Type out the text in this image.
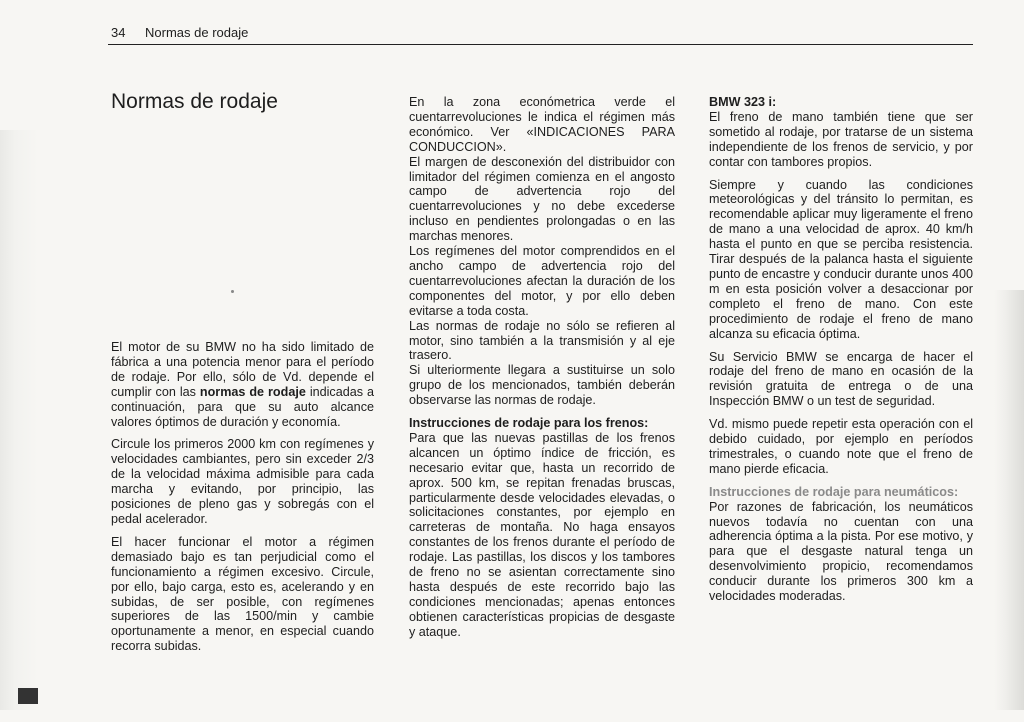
34 Normas de rodaje
Normas de rodaje

El motor de su BMW no ha sido limitado de fábrica a una potencia menor para el período de rodaje. Por ello, sólo de Vd. depende el cumplir con las normas de rodaje indicadas a continuación, para que su auto alcance valores óptimos de duración y economía.

Circule los primeros 2000 km con regímenes y velocidades cambiantes, pero sin exceder 2/3 de la velocidad máxima admisible para cada marcha y evitando, por principio, las posiciones de pleno gas y sobregás con el pedal acelerador.

El hacer funcionar el motor a régimen demasiado bajo es tan perjudicial como el funcionamiento a régimen excesivo. Circule, por ello, bajo carga, esto es, acelerando y en subidas, de ser posible, con regímenes superiores de las 1500/min y cambie oportunamente a menor, en especial cuando recorra subidas.

En la zona económetrica verde el cuentarrevoluciones le indica el régimen más económico. Ver «INDICACIONES PARA CONDUCCION».

El margen de desconexión del distribuidor con limitador del régimen comienza en el angosto campo de advertencia rojo del cuentarrevoluciones y no debe excederse incluso en pendientes prolongadas o en las marchas menores.

Los regímenes del motor comprendidos en el ancho campo de advertencia rojo del cuentarrevoluciones afectan la duración de los componentes del motor, y por ello deben evitarse a toda costa.

Las normas de rodaje no sólo se refieren al motor, sino también a la transmisión y al eje trasero.

Si ulteriormente llegara a sustituirse un solo grupo de los mencionados, también deberán observarse las normas de rodaje.

Instrucciones de rodaje para los frenos:

Para que las nuevas pastillas de los frenos alcancen un óptimo índice de fricción, es necesario evitar que, hasta un recorrido de aprox. 500 km, se repitan frenadas bruscas, particularmente desde velocidades elevadas, o solicitaciones constantes, por ejemplo en carreteras de montaña. No haga ensayos constantes de los frenos durante el período de rodaje. Las pastillas, los discos y los tambores de freno no se asientan correctamente sino hasta después de este recorrido bajo las condiciones mencionadas; apenas entonces obtienen características propicias de desgaste y ataque.

BMW 323 i:

El freno de mano también tiene que ser sometido al rodaje, por tratarse de un sistema independiente de los frenos de servicio, y por contar con tambores propios.

Siempre y cuando las condiciones meteorológicas y del tránsito lo permitan, es recomendable aplicar muy ligeramente el freno de mano a una velocidad de aprox. 40 km/h hasta el punto en que se perciba resistencia. Tirar después de la palanca hasta el siguiente punto de encastre y conducir durante unos 400 m en esta posición volver a desaccionar por completo el freno de mano. Con este procedimiento de rodaje el freno de mano alcanza su eficacia óptima.

Su Servicio BMW se encarga de hacer el rodaje del freno de mano en ocasión de la revisión gratuita de entrega o de una Inspección BMW o un test de seguridad.

Vd. mismo puede repetir esta operación con el debido cuidado, por ejemplo en períodos trimestrales, o cuando note que el freno de mano pierde eficacia.

Instrucciones de rodaje para neumáticos:

Por razones de fabricación, los neumáticos nuevos todavía no cuentan con una adherencia óptima a la pista. Por ese motivo, y para que el desgaste natural tenga un desenvolvimiento propicio, recomendamos conducir durante los primeros 300 km a velocidades moderadas.
